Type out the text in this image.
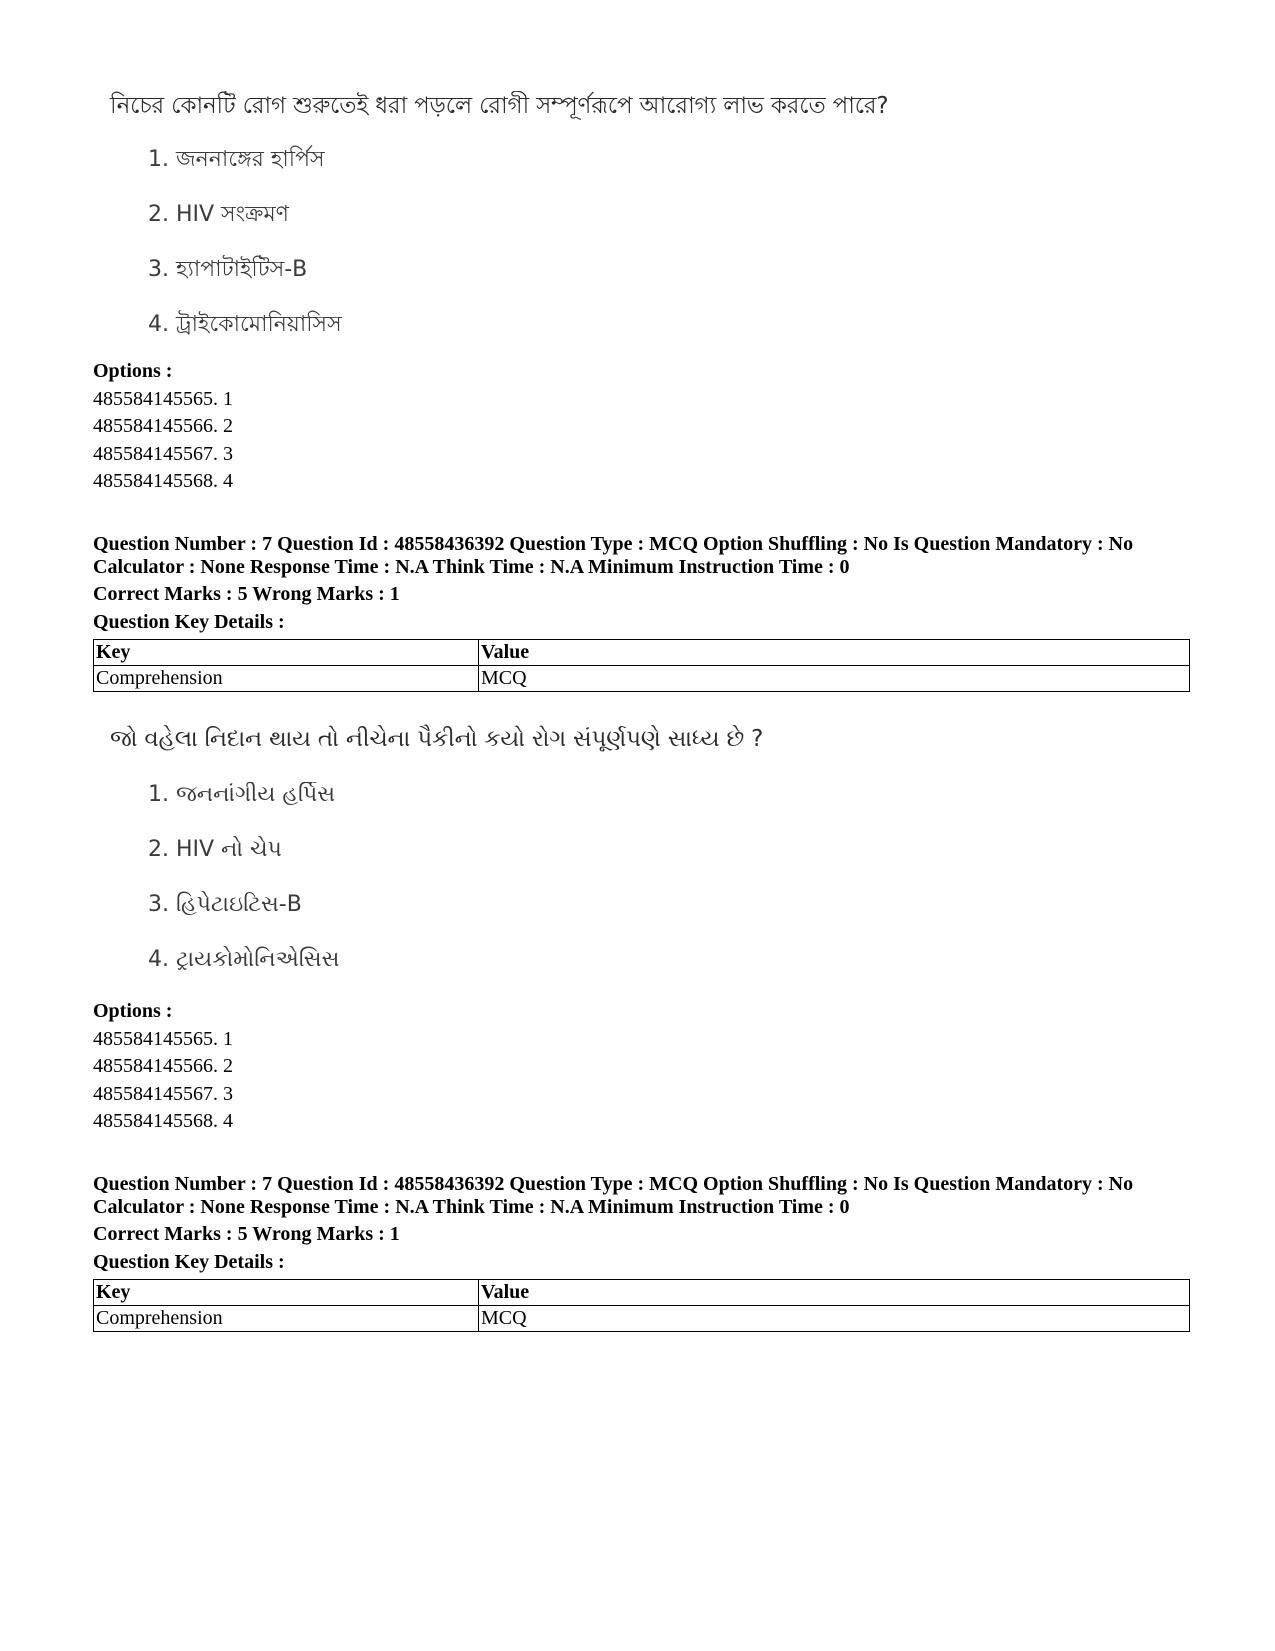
নিচের কোনটি রোগ শুরুতেই ধরা পড়লে রোগী সম্পূর্ণরূপে আরোগ্য লাভ করতে পারে?
1. জননাঙ্গের হার্পিস
2. HIV সংক্রমণ
3. হ্যাপাটাইটিস-B
4. ট্রাইকোমোনিয়াসিস
Options :
485584145565. 1
485584145566. 2
485584145567. 3
485584145568. 4
Question Number : 7 Question Id : 48558436392 Question Type : MCQ Option Shuffling : No Is Question Mandatory : No
Calculator : None Response Time : N.A Think Time : N.A Minimum Instruction Time : 0
Correct Marks : 5 Wrong Marks : 1
Question Key Details :
Key	Value
Comprehension	MCQ
જો વહેલા નિદાન થાય તો નીચેના પૈકીનો કયો રોગ સંપૂર્ણપણે સાધ્ય છે ?
1. જનનાંગીય હર્પિસ
2. HIV નો ચેપ
3. હિપેટાઇટિસ-B
4. ટ્રાયકોમોનિએસિસ
Options :
485584145565. 1
485584145566. 2
485584145567. 3
485584145568. 4
Question Number : 7 Question Id : 48558436392 Question Type : MCQ Option Shuffling : No Is Question Mandatory : No
Calculator : None Response Time : N.A Think Time : N.A Minimum Instruction Time : 0
Correct Marks : 5 Wrong Marks : 1
Question Key Details :
Key	Value
Comprehension	MCQ
